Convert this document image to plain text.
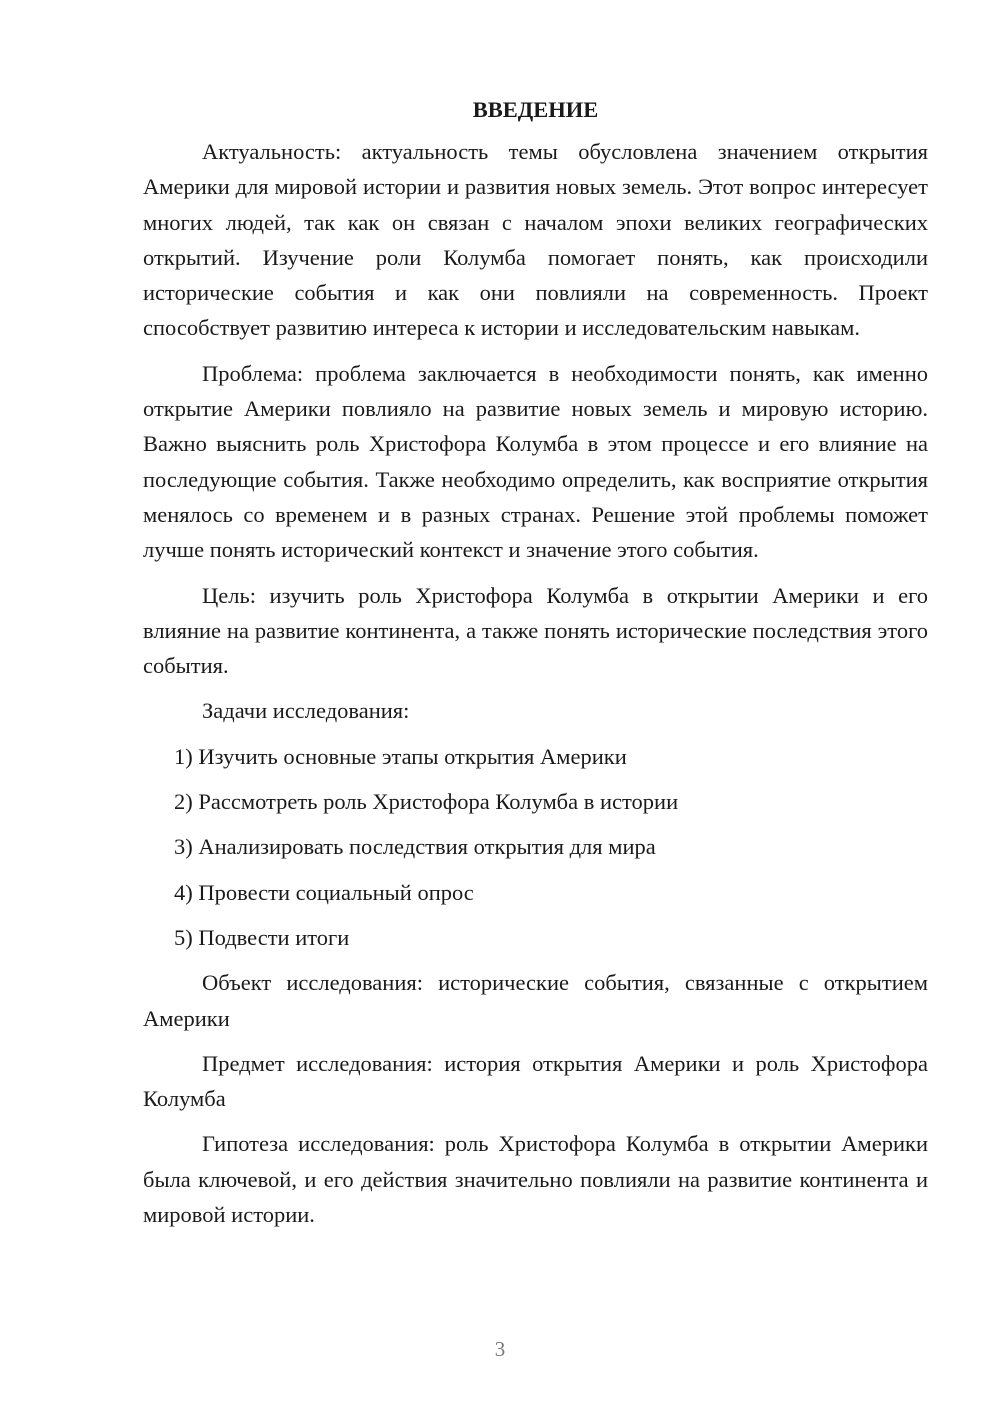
ВВЕДЕНИЕ

Актуальность: актуальность темы обусловлена значением открытия Америки для мировой истории и развития новых земель. Этот вопрос интересует многих людей, так как он связан с началом эпохи великих географических открытий. Изучение роли Колумба помогает понять, как происходили исторические события и как они повлияли на современность. Проект способствует развитию интереса к истории и исследовательским навыкам.

Проблема: проблема заключается в необходимости понять, как именно открытие Америки повлияло на развитие новых земель и мировую историю. Важно выяснить роль Христофора Колумба в этом процессе и его влияние на последующие события. Также необходимо определить, как восприятие открытия менялось со временем и в разных странах. Решение этой проблемы поможет лучше понять исторический контекст и значение этого события.

Цель: изучить роль Христофора Колумба в открытии Америки и его влияние на развитие континента, а также понять исторические последствия этого события.

Задачи исследования:

1) Изучить основные этапы открытия Америки
2) Рассмотреть роль Христофора Колумба в истории
3) Анализировать последствия открытия для мира
4) Провести социальный опрос
5) Подвести итоги

Объект исследования: исторические события, связанные с открытием Америки

Предмет исследования: история открытия Америки и роль Христофора Колумба

Гипотеза исследования: роль Христофора Колумба в открытии Америки была ключевой, и его действия значительно повлияли на развитие континента и мировой истории.

3
